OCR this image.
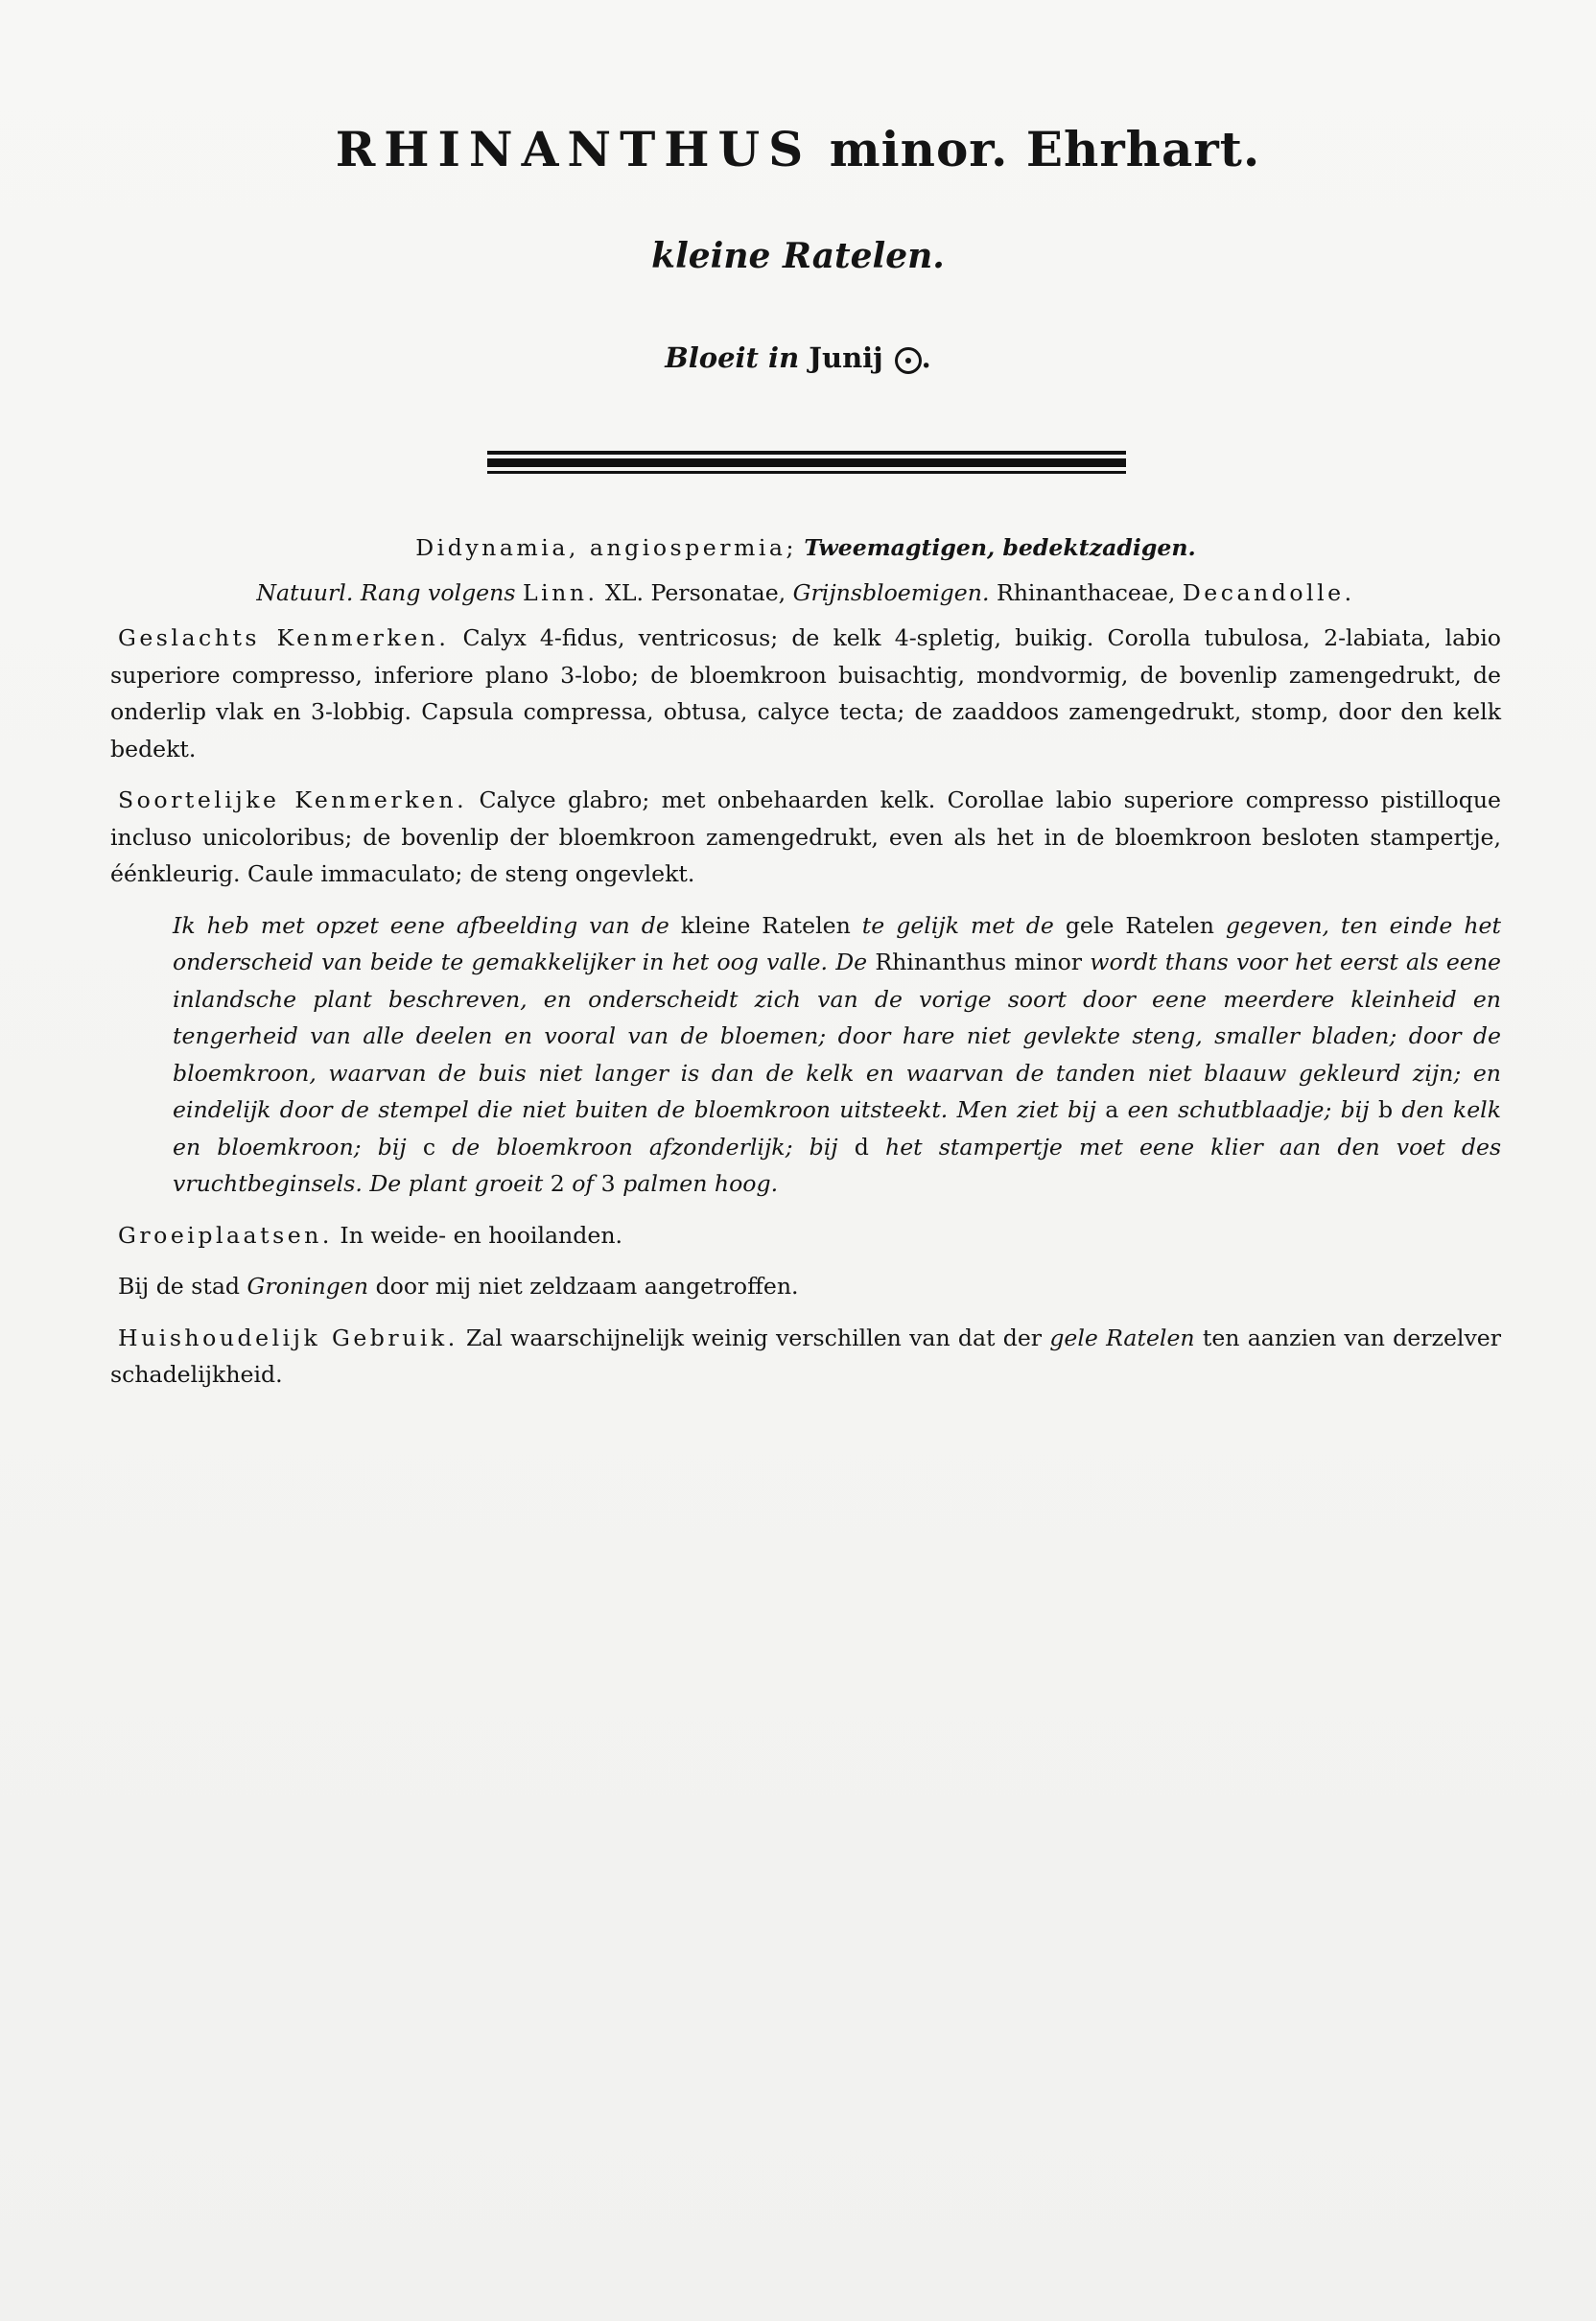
RHINANTHUS minor. Ehrhart.
kleine Ratelen.
Bloeit in Junij .

Didynamia, angiospermia; Tweemagtigen, bedektzadigen.

Natuurl. Rang volgens Linn. XL. Personatae, Grijnsbloemigen. Rhinanthaceae, Decandolle.

Geslachts Kenmerken. Calyx 4-fidus, ventricosus; de kelk 4-spletig, buikig. Corolla tubulosa, 2-labiata, labio superiore compresso, inferiore plano 3-lobo; de bloemkroon buisachtig, mondvormig, de bovenlip zamengedrukt, de onderlip vlak en 3-lobbig. Capsula compressa, obtusa, calyce tecta; de zaaddoos zamengedrukt, stomp, door den kelk bedekt.

Soortelijke Kenmerken. Calyce glabro; met onbehaarden kelk. Corollae labio superiore compresso pistilloque incluso unicoloribus; de bovenlip der bloemkroon zamengedrukt, even als het in de bloemkroon besloten stampertje, éénkleurig. Caule immaculato; de steng ongevlekt.

Ik heb met opzet eene afbeelding van de kleine Ratelen te gelijk met de gele Ratelen gegeven, ten einde het onderscheid van beide te gemakkelijker in het oog valle. De Rhinanthus minor wordt thans voor het eerst als eene inlandsche plant beschreven, en onderscheidt zich van de vorige soort door eene meerdere kleinheid en tengerheid van alle deelen en vooral van de bloemen; door hare niet gevlekte steng, smaller bladen; door de bloemkroon, waarvan de buis niet langer is dan de kelk en waarvan de tanden niet blaauw gekleurd zijn; en eindelijk door de stempel die niet buiten de bloemkroon uitsteekt. Men ziet bij a een schutblaadje; bij b den kelk en bloemkroon; bij c de bloemkroon afzonderlijk; bij d het stampertje met eene klier aan den voet des vruchtbeginsels. De plant groeit 2 of 3 palmen hoog.

Groeiplaatsen. In weide- en hooilanden.

Bij de stad Groningen door mij niet zeldzaam aangetroffen.

Huishoudelijk Gebruik. Zal waarschijnelijk weinig verschillen van dat der gele Ratelen ten aanzien van derzelver schadelijkheid.
